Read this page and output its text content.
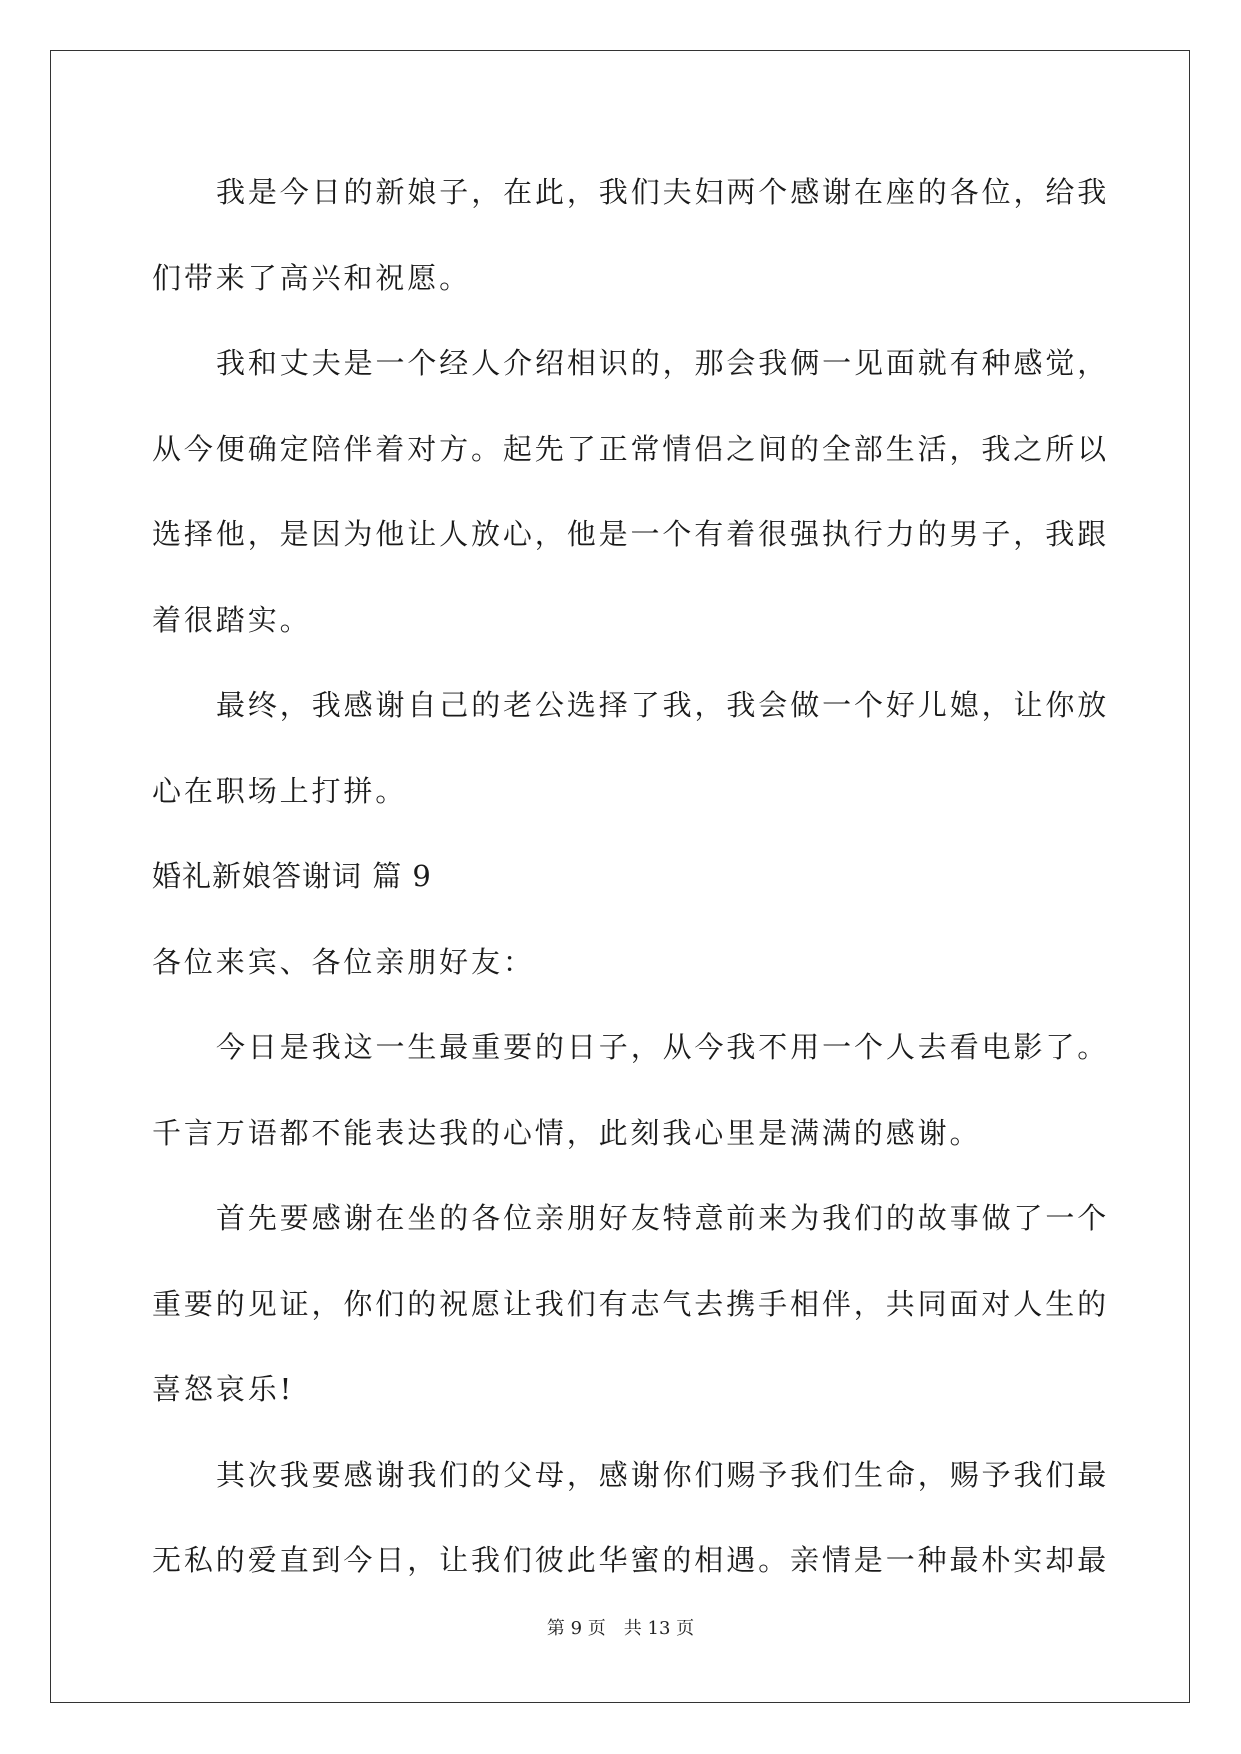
我是今日的新娘子，在此，我们夫妇两个感谢在座的各位，给我
们带来了高兴和祝愿。
我和丈夫是一个经人介绍相识的，那会我俩一见面就有种感觉，
从今便确定陪伴着对方。起先了正常情侣之间的全部生活，我之所以
选择他，是因为他让人放心，他是一个有着很强执行力的男子，我跟
着很踏实。
最终，我感谢自己的老公选择了我，我会做一个好儿媳，让你放
心在职场上打拼。
婚礼新娘答谢词 篇 9
各位来宾、各位亲朋好友：
今日是我这一生最重要的日子，从今我不用一个人去看电影了。
千言万语都不能表达我的心情，此刻我心里是满满的感谢。
首先要感谢在坐的各位亲朋好友特意前来为我们的故事做了一个
重要的见证，你们的祝愿让我们有志气去携手相伴，共同面对人生的
喜怒哀乐!
其次我要感谢我们的父母，感谢你们赐予我们生命，赐予我们最
无私的爱直到今日，让我们彼此华蜜的相遇。亲情是一种最朴实却最
第 9 页 共 13 页
